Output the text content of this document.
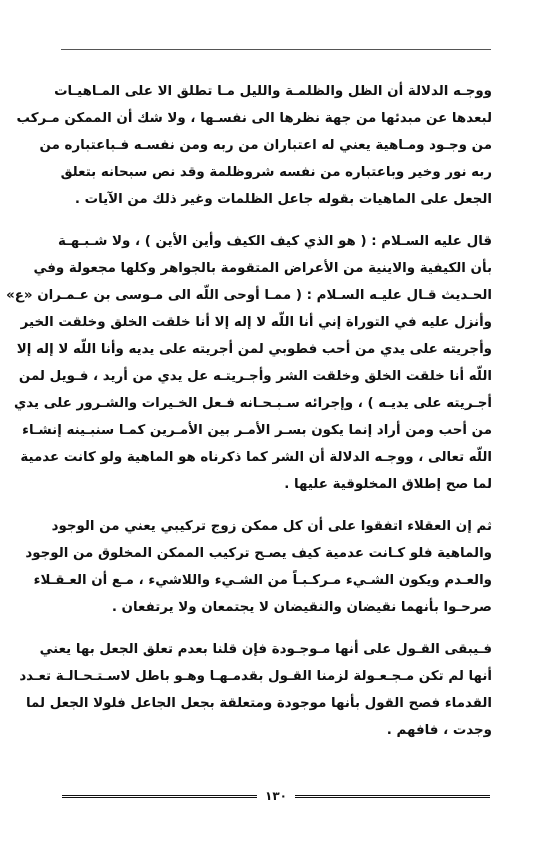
ووجـه الدلالة أن الظل والظلمـة والليل مـا تطلق الا على المـاهيـات
لبعدها عن مبدئها من جهة نظرها الى نفسـها ، ولا شك أن الممكن مـركب
من وجـود ومـاهية يعني له اعتباران من ربه ومن نفسـه فـباعتباره من
ربه نور وخير وباعتباره من نفسه شروظلمة وقد نص سبحانه بتعلق
الجعل على الماهيات بقوله جاعل الظلمات وغير ذلك من الآيات .
قال عليه السـلام : ( هو الذي كيف الكيف وأين الأين ) ، ولا شـبـهـة
بأن الكيفية والاينية من الأعراض المتقومة بالجواهر وكلها مجعولة وفي
الحـديث قـال عليـه السـلام : ( ممـا أوحى اللّه الى مـوسى بن عـمـران «ع»
وأنزل عليه في التوراة إني أنا اللّه لا إله إلا أنا خلقت الخلق وخلقت الخير
وأجريته على يدي من أحب فطوبي لمن أجريته على يديه وأنا اللّه لا إله إلا
اللّه أنا خلقت الخلق وخلقت الشر وأجـريتـه عل يدي من أريد ، فـويل لمن
أجـريته على يديـه ) ، وإجرائه سـبـحـانه فـعل الخـيرات والشـرور على يدي
من أحب ومن أراد إنما يكون بسـر الأمـر بين الأمـرين كمـا سنبـينه إنشـاء
اللّه تعالى ، ووجـه الدلالة أن الشر كما ذكرناه هو الماهية ولو كانت عدمية
لما صح إطلاق المخلوقية عليها .
ثم إن العقلاء اتفقوا على أن كل ممكن زوج تركيبي يعني من الوجود
والماهية فلو كـانت عدمية كيف يصـح تركيب الممكن المخلوق من الوجود
والعـدم ويكون الشـيء مـركـبـاً من الشـيء واللاشيء ، مـع أن العـقـلاء
صرحـوا بأنهما نقيضان والنقيضان لا يجتمعان ولا يرتفعان .
فـيبقى القـول على أنها مـوجـودة فإن قلنا بعدم تعلق الجعل بها يعني
أنها لم تكن مـجـعـولة لزمنا القـول بقدمـهـا وهـو باطل لاسـتـحـالـة تعـدد
القدماء فصح القول بأنها موجودة ومتعلقة بجعل الجاعل فلولا الجعل لما
وجدت ، فافهم .
١٣٠
